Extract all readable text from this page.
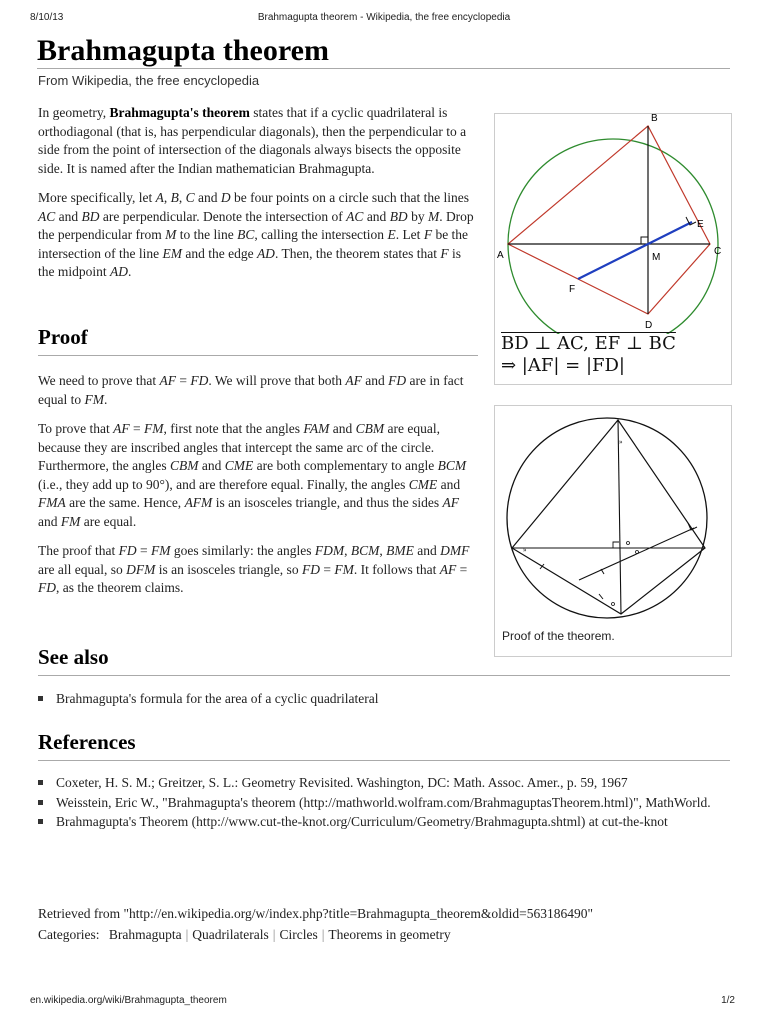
8/10/13	Brahmagupta theorem - Wikipedia, the free encyclopedia
Brahmagupta theorem
From Wikipedia, the free encyclopedia

In geometry, Brahmagupta's theorem states that if a cyclic quadrilateral is orthodiagonal (that is, has perpendicular diagonals), then the perpendicular to a side from the point of intersection of the diagonals always bisects the opposite side. It is named after the Indian mathematician Brahmagupta.

More specifically, let A, B, C and D be four points on a circle such that the lines AC and BD are perpendicular. Denote the intersection of AC and BD by M. Drop the perpendicular from M to the line BC, calling the intersection E. Let F be the intersection of the line EM and the edge AD. Then, the theorem states that F is the midpoint AD.

Proof

We need to prove that AF = FD. We will prove that both AF and FD are in fact equal to FM.

To prove that AF = FM, first note that the angles FAM and CBM are equal, because they are inscribed angles that intercept the same arc of the circle. Furthermore, the angles CBM and CME are both complementary to angle BCM (i.e., they add up to 90°), and are therefore equal. Finally, the angles CME and FMA are the same. Hence, AFM is an isosceles triangle, and thus the sides AF and FM are equal.

The proof that FD = FM goes similarly: the angles FDM, BCM, BME and DMF are all equal, so DFM is an isosceles triangle, so FD = FM. It follows that AF = FD, as the theorem claims.

See also
Brahmagupta's formula for the area of a cyclic quadrilateral
References
Coxeter, H. S. M.; Greitzer, S. L.: Geometry Revisited. Washington, DC: Math. Assoc. Amer., p. 59, 1967
Weisstein, Eric W., "Brahmagupta's theorem (http://mathworld.wolfram.com/BrahmaguptasTheorem.html)", MathWorld.
Brahmagupta's Theorem (http://www.cut-the-knot.org/Curriculum/Geometry/Brahmagupta.shtml) at cut-the-knot
Retrieved from "http://en.wikipedia.org/w/index.php?title=Brahmagupta_theorem&oldid=563186490"
Categories: Brahmagupta | Quadrilaterals | Circles | Theorems in geometry
B
A	C
D
E
M
F
BD ⊥ AC, EF ⊥ BC
⇒ |AF| = |FD|
»
»
Proof of the theorem.
en.wikipedia.org/wiki/Brahmagupta_theorem	1/2
